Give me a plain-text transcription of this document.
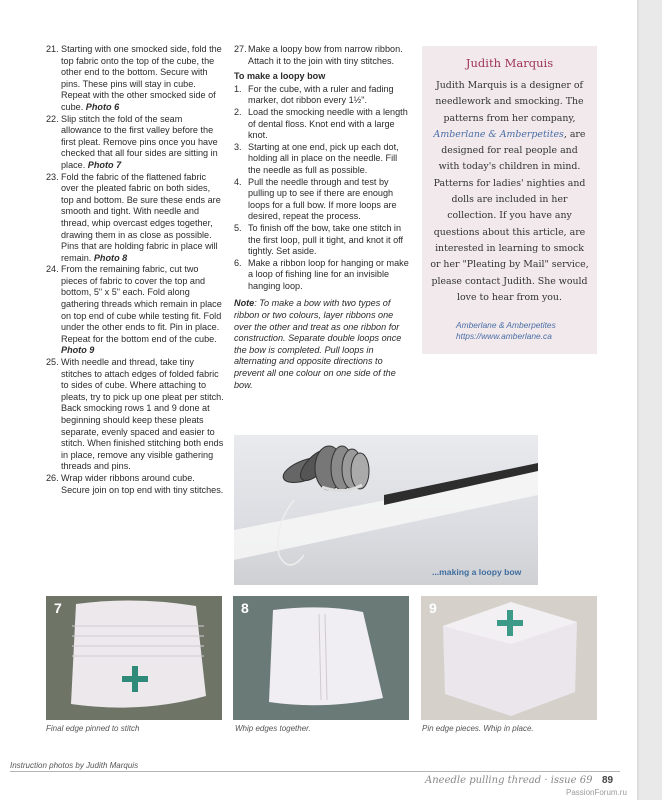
21. Starting with one smocked side, fold the top fabric onto the top of the cube, the other end to the bottom. Secure with pins. These pins will stay in cube. Repeat with the other smocked side of cube. Photo 6
22. Slip stitch the fold of the seam allowance to the first valley before the first pleat. Remove pins once you have checked that all four sides are sitting in place. Photo 7
23. Fold the fabric of the flattened fabric over the pleated fabric on both sides, top and bottom. Be sure these ends are smooth and tight. With needle and thread, whip overcast edges together, drawing them in as close as possible. Pins that are holding fabric in place will remain. Photo 8
24. From the remaining fabric, cut two pieces of fabric to cover the top and bottom, 5" x 5" each. Fold along gathering threads which remain in place on top end of cube while testing fit. Fold under the other ends to fit. Pin in place. Repeat for the bottom end of the cube. Photo 9
25. With needle and thread, take tiny stitches to attach edges of folded fabric to sides of cube. Where attaching to pleats, try to pick up one pleat per stitch. Back smocking rows 1 and 9 done at beginning should keep these pleats separate, evenly spaced and easier to stitch. When finished stitching both ends in place, remove any visible gathering threads and pins.
26. Wrap wider ribbons around cube. Secure join on top end with tiny stitches.
27. Make a loopy bow from narrow ribbon. Attach it to the join with tiny stitches.
To make a loopy bow
1. For the cube, with a ruler and fading marker, dot ribbon every 1½".
2. Load the smocking needle with a length of dental floss. Knot end with a large knot.
3. Starting at one end, pick up each dot, holding all in place on the needle. Fill the needle as full as possible.
4. Pull the needle through and test by pulling up to see if there are enough loops for a full bow. If more loops are desired, repeat the process.
5. To finish off the bow, take one stitch in the first loop, pull it tight, and knot it off tightly. Set aside.
6. Make a ribbon loop for hanging or make a loop of fishing line for an invisible hanging loop.
Note: To make a bow with two types of ribbon or two colours, layer ribbons one over the other and treat as one ribbon for construction. Separate double loops once the bow is completed. Pull loops in alternating and opposite directions to prevent all one colour on one side of the bow.
Judith Marquis
Judith Marquis is a designer of needlework and smocking. The patterns from her company, Amberlane & Amberpetites, are designed for real people and with today's children in mind. Patterns for ladies' nighties and dolls are included in her collection. If you have any questions about this article, are interested in learning to smock or her "Pleating by Mail" service, please contact Judith. She would love to hear from you.
Amberlane & Amberpetites
https://www.amberlane.ca
...making a loopy bow
7	8	9
Final edge pinned to stitch	Whip edges together.	Pin edge pieces. Whip in place.
Instruction photos by Judith Marquis
Aneedle pulling thread · issue 69 89
PassionForum.ru
